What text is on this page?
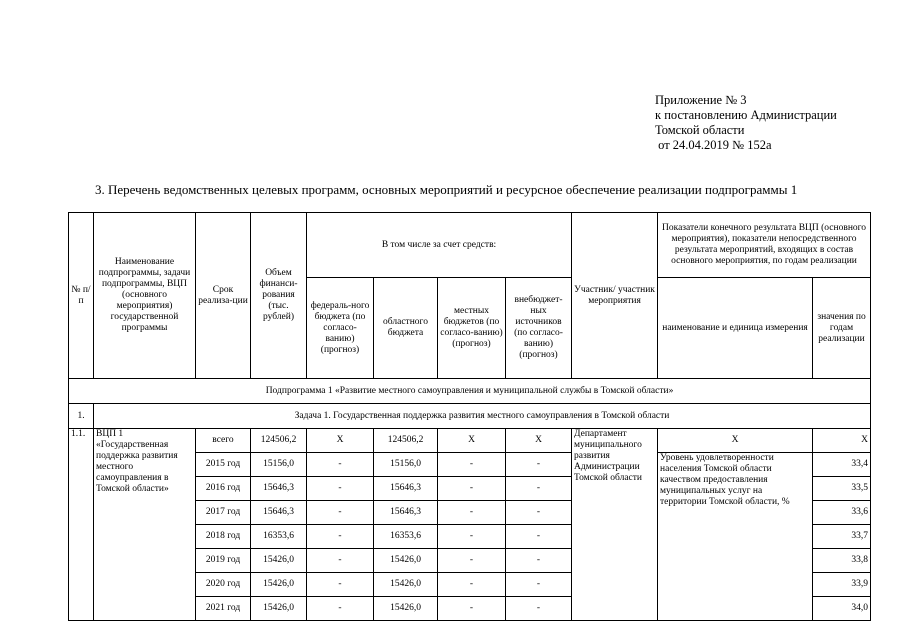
Приложение № 3
к постановлению Администрации
Томской области
от 24.04.2019 № 152а
3. Перечень ведомственных целевых программ, основных мероприятий и ресурсное обеспечение реализации подпрограммы 1
№ п/п	Наименование подпрограммы, задачи подпрограммы, ВЦП (основного мероприятия) государственной программы	Срок реализа-ции	Объем финанси-рования (тыс. рублей)	В том числе за счет средств:				Участник/ участник мероприятия	Показатели конечного результата ВЦП (основного мероприятия), показатели непосредственного результата мероприятий, входящих в состав основного мероприятия, по годам реализации	
				федераль-ного бюджета (по согласо-ванию) (прогноз)	областного бюджета	местных бюджетов (по согласо-ванию) (прогноз)	внебюджет-ных источников (по согласо-ванию) (прогноз)		наименование и единица измерения	значения по годам реализации
Подпрограмма 1 «Развитие местного самоуправления и муниципальной службы в Томской области»										
1.	Задача 1. Государственная поддержка развития местного самоуправления в Томской области									
1.1.	ВЦП 1 «Государственная поддержка развития местного самоуправления в Томской области»	всего	124506,2	X	124506,2	X	X	Департамент муниципального развития Администрации Томской области	X	X
		2015 год	15156,0	-	15156,0	-	-		Уровень удовлетворенности населения Томской области качеством предоставления муниципальных услуг на территории Томской области, %	33,4
		2016 год	15646,3	-	15646,3	-	-			33,5
		2017 год	15646,3	-	15646,3	-	-			33,6
		2018 год	16353,6	-	16353,6	-	-			33,7
		2019 год	15426,0	-	15426,0	-	-			33,8
		2020 год	15426,0	-	15426,0	-	-			33,9
		2021 год	15426,0	-	15426,0	-	-			34,0
